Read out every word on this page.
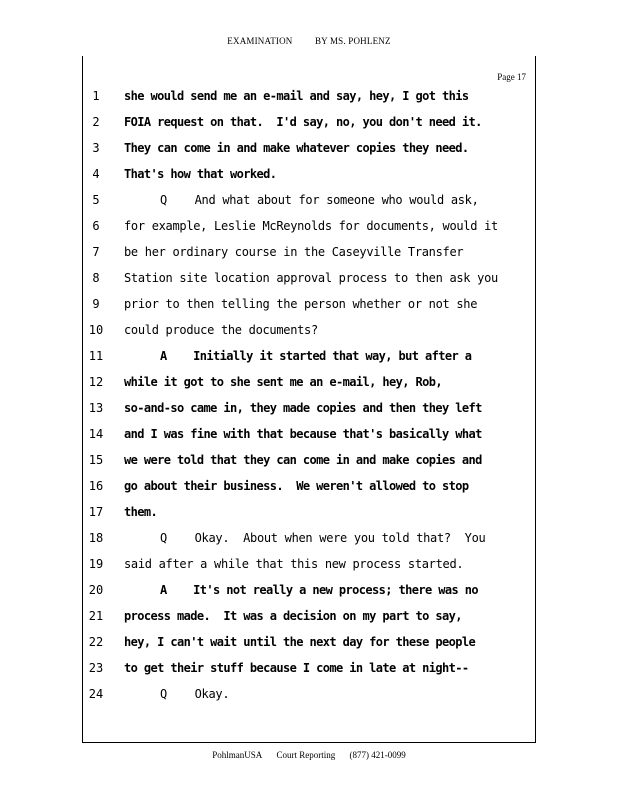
EXAMINATION BY MS. POHLENZ
Page 17
1	she would send me an e-mail and say, hey, I got this
2	FOIA request on that.  I'd say, no, you don't need it.
3	They can come in and make whatever copies they need.
4	That's how that worked.
5	Q    And what about for someone who would ask,
6	for example, Leslie McReynolds for documents, would it
7	be her ordinary course in the Caseyville Transfer
8	Station site location approval process to then ask you
9	prior to then telling the person whether or not she
10 could produce the documents?
11	A    Initially it started that way, but after a
12 while it got to she sent me an e-mail, hey, Rob,
13 so-and-so came in, they made copies and then they left
14 and I was fine with that because that's basically what
15 we were told that they can come in and make copies and
16 go about their business.  We weren't allowed to stop
17 them.
18	Q    Okay.  About when were you told that?  You
19 said after a while that this new process started.
20	A    It's not really a new process; there was no
21 process made.  It was a decision on my part to say,
22 hey, I can't wait until the next day for these people
23 to get their stuff because I come in late at night--
24	Q    Okay.
PohlmanUSA Court Reporting (877) 421-0099
